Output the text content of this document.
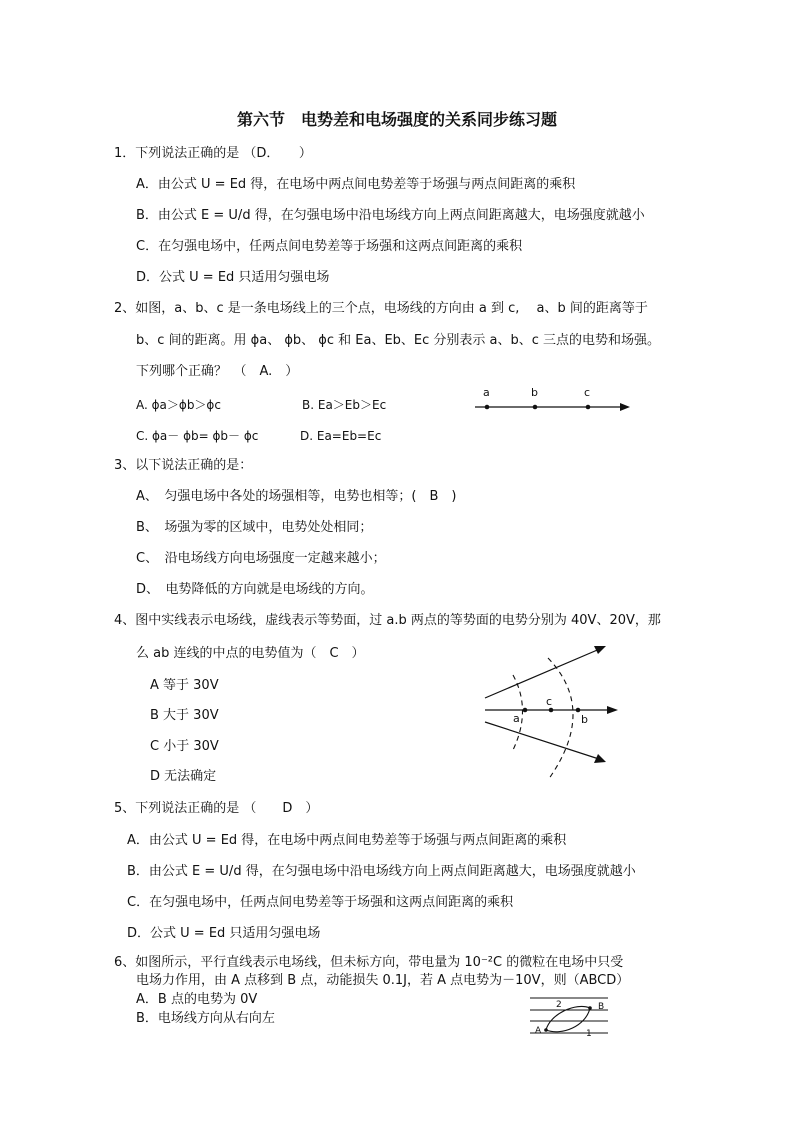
第六节　电势差和电场强度的关系同步练习题
1．下列说法正确的是 （D．　　）
A．由公式 U = Ed 得，在电场中两点间电势差等于场强与两点间距离的乘积
B．由公式 E = U/d 得，在匀强电场中沿电场线方向上两点间距离越大，电场强度就越小
C．在匀强电场中，任两点间电势差等于场强和这两点间距离的乘积
D．公式 U = Ed 只适用匀强电场
2、如图，a、b、c 是一条电场线上的三个点，电场线的方向由 a 到 c,　 a、b 间的距离等于
b、c 间的距离。用 ϕa、 ϕb、 ϕc 和 Ea、Eb、Ec 分别表示 a、b、c 三点的电势和场强。
下列哪个正确？　（　A.　）
A. ϕa＞ϕb＞ϕc	B. Ea＞Eb＞Ec
C. ϕa－ ϕb= ϕb－ ϕc	D. Ea=Eb=Ec
a	b	c
3、以下说法正确的是：
A、　匀强电场中各处的场强相等，电势也相等；(　B　)
B、　场强为零的区域中，电势处处相同；
C、　沿电场线方向电场强度一定越来越小；
D、　电势降低的方向就是电场线的方向。
4、图中实线表示电场线，虚线表示等势面，过 a.b 两点的等势面的电势分别为 40V、20V，那
么 ab 连线的中点的电势值为（　C　）
A 等于 30V
B 大于 30V
C 小于 30V
D 无法确定
a
c
b
5、下列说法正确的是 （　　D　）
A．由公式 U = Ed 得，在电场中两点间电势差等于场强与两点间距离的乘积
B．由公式 E = U/d 得，在匀强电场中沿电场线方向上两点间距离越大，电场强度就越小
C．在匀强电场中，任两点间电势差等于场强和这两点间距离的乘积
D．公式 U = Ed 只适用匀强电场
6、如图所示，平行直线表示电场线，但未标方向，带电量为 10⁻²C 的微粒在电场中只受
电场力作用，由 A 点移到 B 点，动能损失 0.1J，若 A 点电势为－10V，则（ABCD）
A．B 点的电势为 0V
B．电场线方向从右向左
A
B
2
1
